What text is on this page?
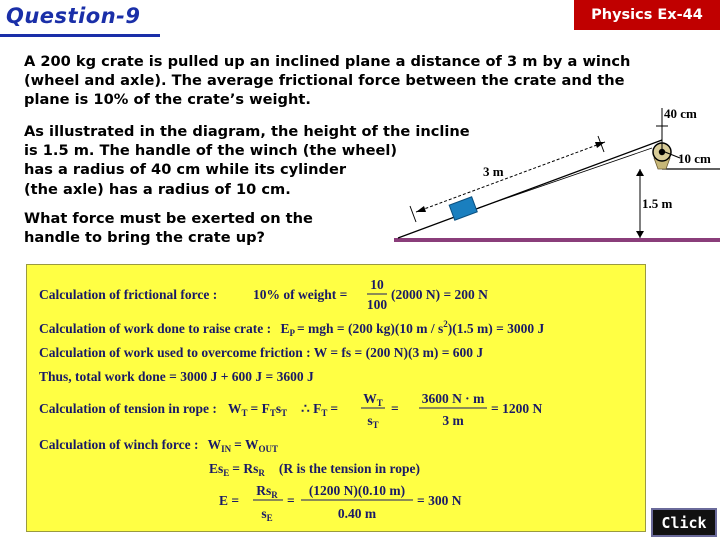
Question-9	Physics Ex-44
A 200 kg crate is pulled up an inclined plane a distance of 3 m by a winch
(wheel and axle). The average frictional force between the crate and the
plane is 10% of the crate’s weight.
As illustrated in the diagram, the height of the incline
is 1.5 m. The handle of the winch (the wheel)
has a radius of 40 cm while its cylinder
(the axle) has a radius of 10 cm.
What force must be exerted on the
handle to bring the crate up?
40 cm
10 cm
3 m
1.5 m
Calculation of frictional force :	10% of weight =
10
100
(2000 N) = 200 N
Calculation of work done to raise crate : $E_P$ = mgh = (200 kg)(10 m / $s^2)(1.5$ m) = 3000 J
Calculation of work used to overcome friction : W = fs = (200 N)(3 m) = 600 J
Thus, total work done = 3000 J + 600 J = 3600 J
Calculation of tension in rope : $W_T = F_Ts_T$ ∴ $F_T$ =
$W_T$
$s_T$
=
3600 N · m
3 m
= 1200 N
Calculation of winch force : $W_{IN} = W_{OUT}$
$Es_E = Rs_R$ (R is the tension in rope)
E =
$Rs_R$
$s_E$
=
(1200 N)(0.10 m)
0.40 m
= 300 N
Click
